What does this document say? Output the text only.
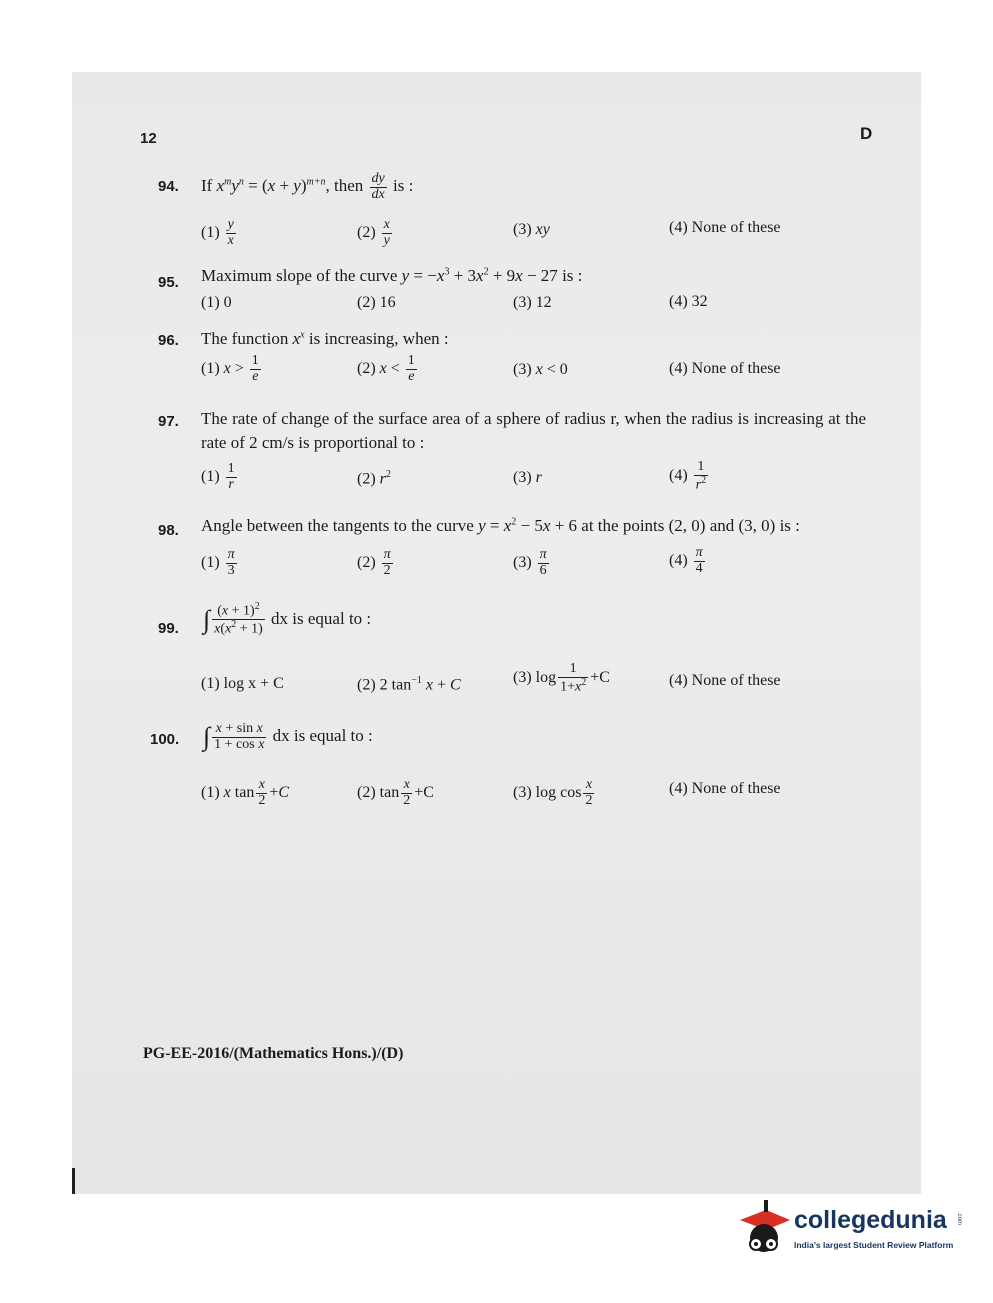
12	D
94. If $x^my^n = (x + y)^{m+n}$, then $\frac{dy}{dx}$ is :
$(1) \frac{y}{x}$	$(2) \frac{x}{y}$	(3) xy	(4) None of these
95. Maximum slope of the curve $y = -x^3 + 3x^2 + 9x - 27$ is :
(1) 0	(2) 16	(3) 12	(4) 32
96. The function $x^x$ is increasing, when :
(1) $x > \frac{1}{e}$	(2) $x < \frac{1}{e}$	(3) x < 0	(4) None of these
97. The rate of change of the surface area of a sphere of radius r, when the radius is increasing at the rate of 2 cm/s is proportional to :
$(1) \frac{1}{r}$	(2) $r^2$	(3) r	$(4) \frac{1}{r^2}$
98. Angle between the tangents to the curve $y = x^2 - 5x + 6$ at the points (2, 0) and (3, 0) is :
$(1) \frac{\pi}{3}$	$(2) \frac{\pi}{2}$	$(3) \frac{\pi}{6}$	$(4) \frac{\pi}{4}$
99. ∫ $\frac{(x + 1)^2}{x(x^2 + 1)}$ dx is equal to :
(1) log x + C	(2) 2 $\tan^{-1} x + C$	(3) $\log \frac{1}{1+x^2} +C$	(4) None of these
100. ∫ $\frac{\text{x + sin x}}{\text{1 + cos x}}$ dx is equal to :
(1) x $\tan \frac{x}{2} +C$	(2) $\tan \frac{x}{2} +C$	(3) $\log \cos \frac{x}{2}$	(4) None of these
PG-EE-2016/(Mathematics Hons.)/(D)
collegedunia .com
India's largest Student Review Platform
